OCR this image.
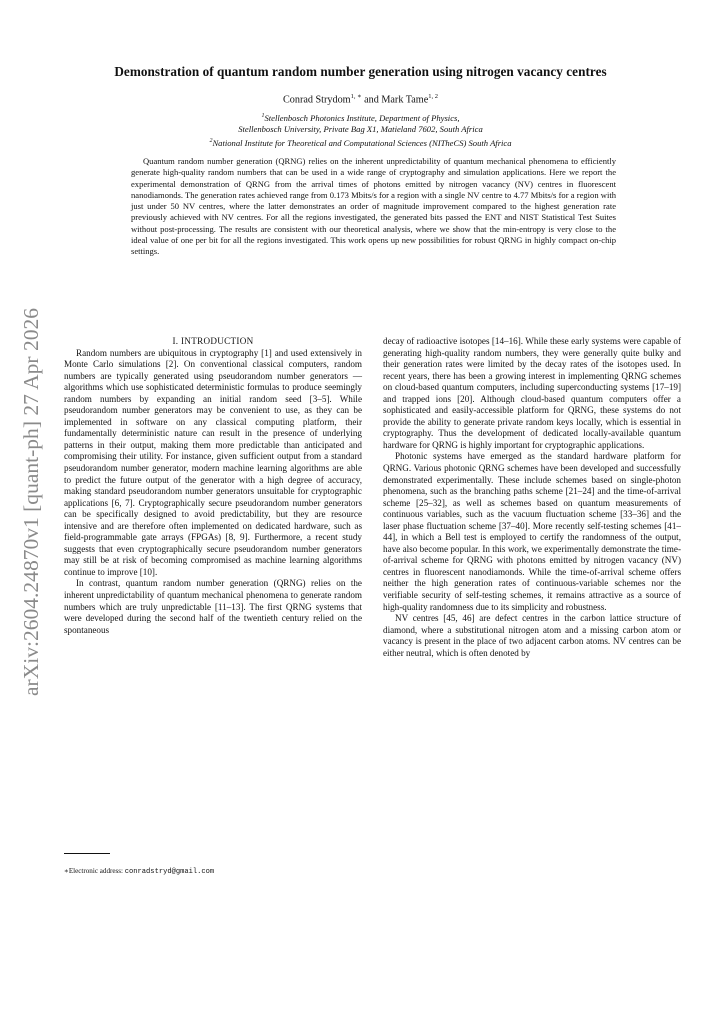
arXiv:2604.24870v1 [quant-ph] 27 Apr 2026
Demonstration of quantum random number generation using nitrogen vacancy centres
Conrad Strydom$^{1, ∗}$ and Mark Tame$^{1, 2}$
$^1$Stellenbosch Photonics Institute, Department of Physics,
Stellenbosch University, Private Bag X1, Matieland 7602, South Africa
$^2$National Institute for Theoretical and Computational Sciences (NITheCS) South Africa
Quantum random number generation (QRNG) relies on the inherent unpredictability of quantum mechanical phenomena to efficiently generate high-quality random numbers that can be used in a wide range of cryptography and simulation applications. Here we report the experimental demonstration of QRNG from the arrival times of photons emitted by nitrogen vacancy (NV) centres in fluorescent nanodiamonds. The generation rates achieved range from 0.173 Mbits/s for a region with a single NV centre to 4.77 Mbits/s for a region with just under 50 NV centres, where the latter demonstrates an order of magnitude improvement compared to the highest generation rate previously achieved with NV centres. For all the regions investigated, the generated bits passed the ENT and NIST Statistical Test Suites without post-processing. The results are consistent with our theoretical analysis, where we show that the min-entropy is very close to the ideal value of one per bit for all the regions investigated. This work opens up new possibilities for robust QRNG in highly compact on-chip settings.

I. INTRODUCTION

Random numbers are ubiquitous in cryptography [1] and used extensively in Monte Carlo simulations [2]. On conventional classical computers, random numbers are typically generated using pseudorandom number generators — algorithms which use sophisticated deterministic formulas to produce seemingly random numbers by expanding an initial random seed [3–5]. While pseudorandom number generators may be convenient to use, as they can be implemented in software on any classical computing platform, their fundamentally deterministic nature can result in the presence of underlying patterns in their output, making them more predictable than anticipated and compromising their utility. For instance, given sufficient output from a standard pseudorandom number generator, modern machine learning algorithms are able to predict the future output of the generator with a high degree of accuracy, making standard pseudorandom number generators unsuitable for cryptographic applications [6, 7]. Cryptographically secure pseudorandom number generators can be specifically designed to avoid predictability, but they are resource intensive and are therefore often implemented on dedicated hardware, such as field-programmable gate arrays (FPGAs) [8, 9]. Furthermore, a recent study suggests that even cryptographically secure pseudorandom number generators may still be at risk of becoming compromised as machine learning algorithms continue to improve [10].

In contrast, quantum random number generation (QRNG) relies on the inherent unpredictability of quantum mechanical phenomena to generate random numbers which are truly unpredictable [11–13]. The first QRNG systems that were developed during the second half of the twentieth century relied on the spontaneous

decay of radioactive isotopes [14–16]. While these early systems were capable of generating high-quality random numbers, they were generally quite bulky and their generation rates were limited by the decay rates of the isotopes used. In recent years, there has been a growing interest in implementing QRNG schemes on cloud-based quantum computers, including superconducting systems [17–19] and trapped ions [20]. Although cloud-based quantum computers offer a sophisticated and easily-accessible platform for QRNG, these systems do not provide the ability to generate private random keys locally, which is essential in cryptography. Thus the development of dedicated locally-available quantum hardware for QRNG is highly important for cryptographic applications.

Photonic systems have emerged as the standard hardware platform for QRNG. Various photonic QRNG schemes have been developed and successfully demonstrated experimentally. These include schemes based on single-photon phenomena, such as the branching paths scheme [21–24] and the time-of-arrival scheme [25–32], as well as schemes based on quantum measurements of continuous variables, such as the vacuum fluctuation scheme [33–36] and the laser phase fluctuation scheme [37–40]. More recently self-testing schemes [41–44], in which a Bell test is employed to certify the randomness of the output, have also become popular. In this work, we experimentally demonstrate the time-of-arrival scheme for QRNG with photons emitted by nitrogen vacancy (NV) centres in fluorescent nanodiamonds. While the time-of-arrival scheme offers neither the high generation rates of continuous-variable schemes nor the verifiable security of self-testing schemes, it remains attractive as a source of high-quality randomness due to its simplicity and robustness.

NV centres [45, 46] are defect centres in the carbon lattice structure of diamond, where a substitutional nitrogen atom and a missing carbon atom or vacancy is present in the place of two adjacent carbon atoms. NV centres can be either neutral, which is often denoted by

∗Electronic address: conradstryd@gmail.com
